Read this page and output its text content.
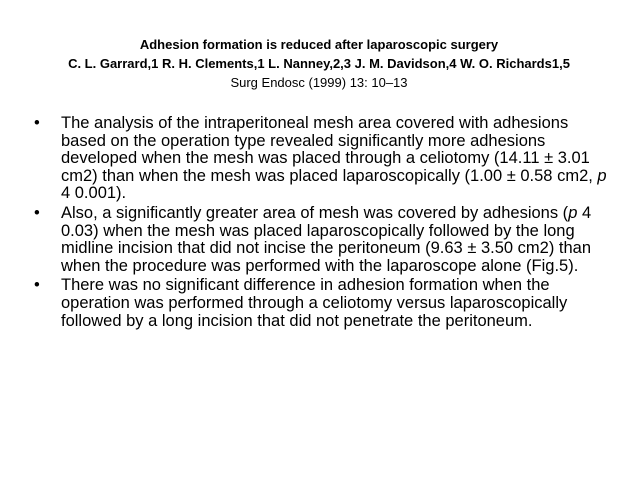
Adhesion formation is reduced after laparoscopic surgery
C. L. Garrard,1 R. H. Clements,1 L. Nanney,2,3 J. M. Davidson,4 W. O. Richards1,5
Surg Endosc (1999) 13: 10–13
• The analysis of the intraperitoneal mesh area covered with adhesions based on the operation type revealed significantly more adhesions developed when the mesh was placed through a celiotomy (14.11 ± 3.01 cm2) than when the mesh was placed laparoscopically (1.00 ± 0.58 cm2, p 4 0.001).
• Also, a significantly greater area of mesh was covered by adhesions (p 4 0.03) when the mesh was placed laparoscopically followed by the long midline incision that did not incise the peritoneum (9.63 ± 3.50 cm2) than when the procedure was performed with the laparoscope alone (Fig.5).
• There was no significant difference in adhesion formation when the operation was performed through a celiotomy versus laparoscopically followed by a long incision that did not penetrate the peritoneum.
